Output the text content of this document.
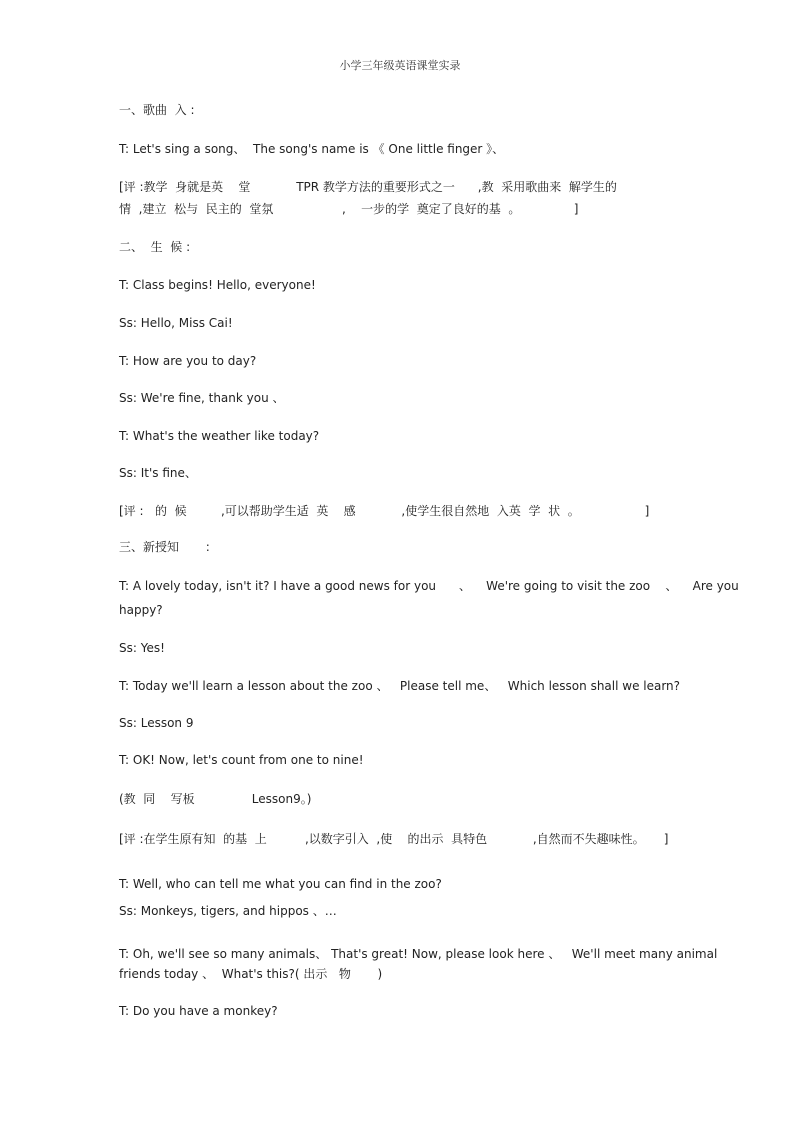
小学三年级英语课堂实录
一、歌曲  入 :
T: Let's sing a song、  The song's name is 《 One little finger 》、
[评 :教学  身就是英    堂            TPR 教学方法的重要形式之一      ,教  采用歌曲来  解学生的
情  ,建立  松与  民主的  堂氛                  ,    一步的学  奠定了良好的基  。              ]
二、  生  候 :
T: Class begins! Hello, everyone!
Ss: Hello, Miss Cai!
T: How are you to day?
Ss: We're fine, thank you 、
T: What's the weather like today?
Ss: It's fine、
[评 :   的  候         ,可以帮助学生适  英    感            ,使学生很自然地  入英  学  状  。                 ]
三、新授知       :
T: A lovely today, isn't it? I have a good news for you      、    We're going to visit the zoo    、    Are you
happy?
Ss: Yes!
T: Today we'll learn a lesson about the zoo 、   Please tell me、   Which lesson shall we learn?
Ss: Lesson 9
T: OK! Now, let's count from one to nine!
(教  同    写板               Lesson9。)
[评 :在学生原有知  的基  上          ,以数字引入  ,使    的出示  具特色            ,自然而不失趣味性。     ]
T: Well, who can tell me what you can find in the zoo?
Ss: Monkeys, tigers, and hippos 、…
T: Oh, we'll see so many animals、 That's great! Now, please look here 、   We'll meet many animal
friends today 、  What's this?( 出示   物       )
T: Do you have a monkey?
